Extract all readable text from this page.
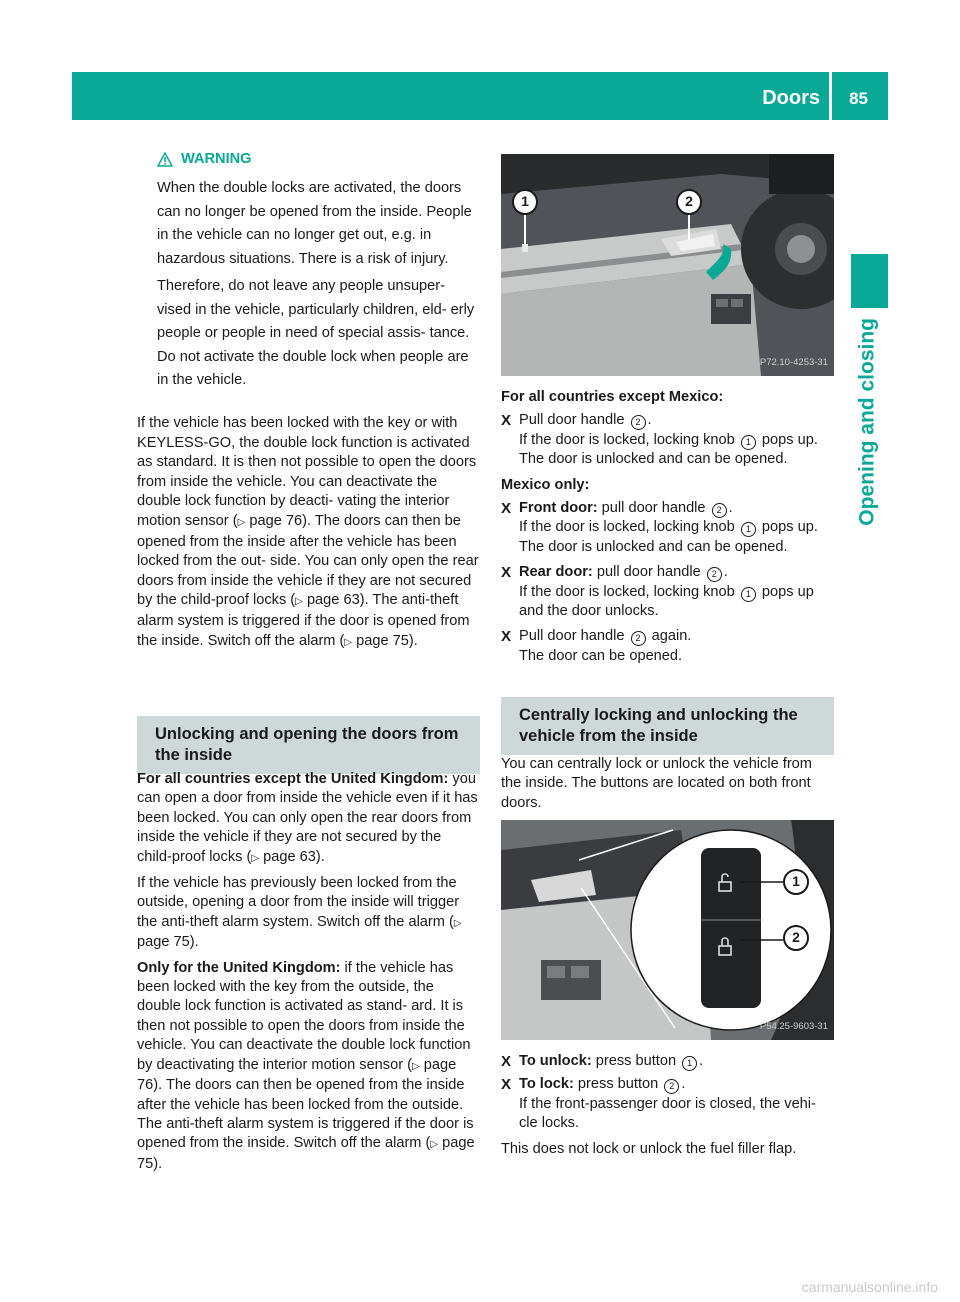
Doors 85
Opening and closing
WARNING

When the double locks are activated, the doors can no longer be opened from the inside. People in the vehicle can no longer get out, e.g. in hazardous situations. There is a risk of injury.

Therefore, do not leave any people unsuper- vised in the vehicle, particularly children, eld- erly people or people in need of special assis- tance. Do not activate the double lock when people are in the vehicle.

If the vehicle has been locked with the key or with KEYLESS-GO, the double lock function is activated as standard. It is then not possible to open the doors from inside the vehicle. You can deactivate the double lock function by deacti- vating the interior motion sensor (▷ page 76). The doors can then be opened from the inside after the vehicle has been locked from the out- side. You can only open the rear doors from inside the vehicle if they are not secured by the child-proof locks (▷ page 63). The anti-theft alarm system is triggered if the door is opened from the inside. Switch off the alarm (▷ page 75).

Unlocking and opening the doors from the inside

For all countries except the United Kingdom: you can open a door from inside the vehicle even if it has been locked. You can only open the rear doors from inside the vehicle if they are not secured by the child-proof locks (▷ page 63).

If the vehicle has previously been locked from the outside, opening a door from the inside will trigger the anti-theft alarm system. Switch off the alarm (▷ page 75).

Only for the United Kingdom: if the vehicle has been locked with the key from the outside, the double lock function is activated as stand- ard. It is then not possible to open the doors from inside the vehicle. You can deactivate the double lock function by deactivating the interior motion sensor (▷ page 76). The doors can then be opened from the inside after the vehicle has been locked from the outside. The anti-theft alarm system is triggered if the door is opened from the inside. Switch off the alarm (▷ page 75).

1	2
P72.10-4253-31

For all countries except Mexico:

X Pull door handle 2 .
If the door is locked, locking knob 1 pops up. The door is unlocked and can be opened.

Mexico only:

X Front door: pull door handle 2 .
If the door is locked, locking knob 1 pops up. The door is unlocked and can be opened.
X Rear door: pull door handle 2 .
If the door is locked, locking knob 1 pops up and the door unlocks.
X Pull door handle 2 again.
The door can be opened.
Centrally locking and unlocking the vehicle from the inside

You can centrally lock or unlock the vehicle from the inside. The buttons are located on both front doors.

1
2
P54.25-9603-31
X To unlock: press button 1 .
X To lock: press button 2 .
If the front-passenger door is closed, the vehi- cle locks.

This does not lock or unlock the fuel filler flap.

carmanualsonline.info
